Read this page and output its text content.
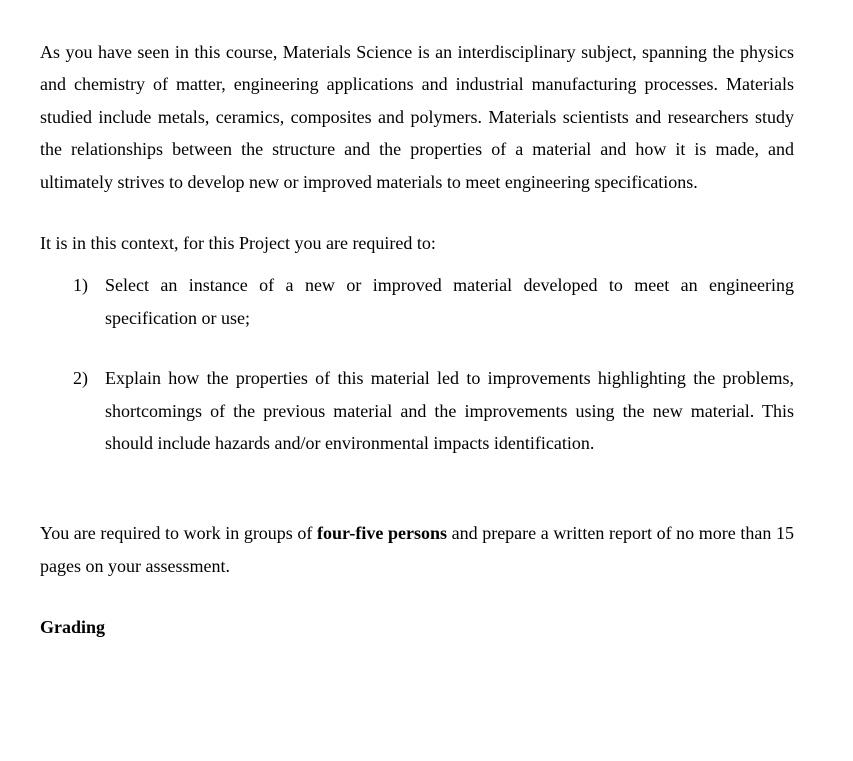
As you have seen in this course, Materials Science is an interdisciplinary subject, spanning the physics and chemistry of matter, engineering applications and industrial manufacturing processes. Materials studied include metals, ceramics, composites and polymers. Materials scientists and researchers study the relationships between the structure and the properties of a material and how it is made, and ultimately strives to develop new or improved materials to meet engineering specifications.

It is in this context, for this Project you are required to:

1) Select an instance of a new or improved material developed to meet an engineering specification or use;
2) Explain how the properties of this material led to improvements highlighting the problems, shortcomings of the previous material and the improvements using the new material. This should include hazards and/or environmental impacts identification.

You are required to work in groups of four-five persons and prepare a written report of no more than 15 pages on your assessment.

Grading
